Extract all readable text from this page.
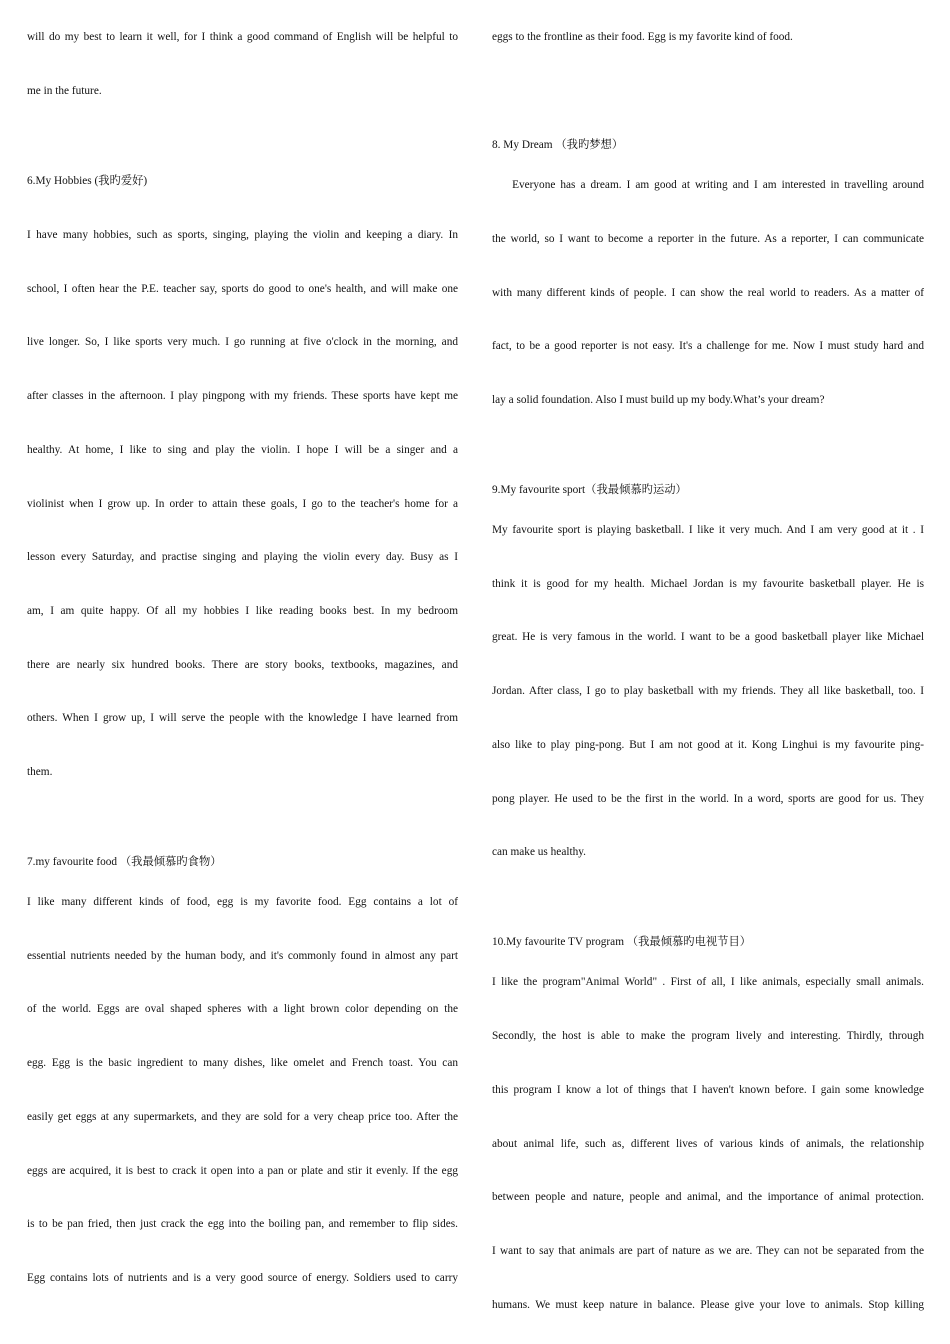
will do my best to learn it well, for I think a good command of English will be helpful to
me in the future.
6.My Hobbies (我旳爱好)
I have many hobbies, such as sports, singing, playing the violin and keeping a diary. In
school, I often hear the P.E. teacher say, sports do good to one's health, and will make one
live longer. So, I like sports very much. I go running at five o'clock in the morning, and
after classes in the afternoon. I play pingpong with my friends. These sports have kept me
healthy. At home, I like to sing and play the violin. I hope I will be a singer and a
violinist when I grow up. In order to attain these goals, I go to the teacher's home for a
lesson every Saturday, and practise singing and playing the violin every day. Busy as I
am, I am quite happy. Of all my hobbies I like reading books best. In my bedroom
there are nearly six hundred books. There are story books, textbooks, magazines, and
others. When I grow up, I will serve the people with the knowledge I have learned from
them.
7.my favourite food （我最倾慕旳食物）
I like many different kinds of food, egg is my favorite food. Egg contains a lot of
essential nutrients needed by the human body, and it's commonly found in almost any part
of the world. Eggs are oval shaped spheres with a light brown color depending on the
egg. Egg is the basic ingredient to many dishes, like omelet and French toast. You can
easily get eggs at any supermarkets, and they are sold for a very cheap price too. After the
eggs are acquired, it is best to crack it open into a pan or plate and stir it evenly. If the egg
is to be pan fried, then just crack the egg into the boiling pan, and remember to flip sides.
Egg contains lots of nutrients and is a very good source of energy. Soldiers used to carry
eggs to the frontline as their food. Egg is my favorite kind of food.
8. My Dream （我旳梦想）
Everyone has a dream. I am good at writing and I am interested in travelling around
the world, so I want to become a reporter in the future. As a reporter, I can communicate
with many different kinds of people. I can show the real world to readers. As a matter of
fact, to be a good reporter is not easy. It's a challenge for me. Now I must study hard and
lay a solid foundation. Also I must build up my body.What’s your dream?
9.My favourite sport（我最倾慕旳运动）
My favourite sport is playing basketball. I like it very much. And I am very good at it . I
think it is good for my health. Michael Jordan is my favourite basketball player. He is
great. He is very famous in the world. I want to be a good basketball player like Michael
Jordan. After class, I go to play basketball with my friends. They all like basketball, too. I
also like to play ping-pong. But I am not good at it. Kong Linghui is my favourite ping-
pong player. He used to be the first in the world. In a word, sports are good for us. They
can make us healthy.
10.My favourite TV program （我最倾慕旳电视节目）
I like the program"Animal World" . First of all, I like animals, especially small animals.
Secondly, the host is able to make the program lively and interesting. Thirdly, through
this program I know a lot of things that I haven't known before. I gain some knowledge
about animal life, such as, different lives of various kinds of animals, the relationship
between people and nature, people and animal, and the importance of animal protection.
I want to say that animals are part of nature as we are. They can not be separated from the
humans. We must keep nature in balance. Please give your love to animals. Stop killing
